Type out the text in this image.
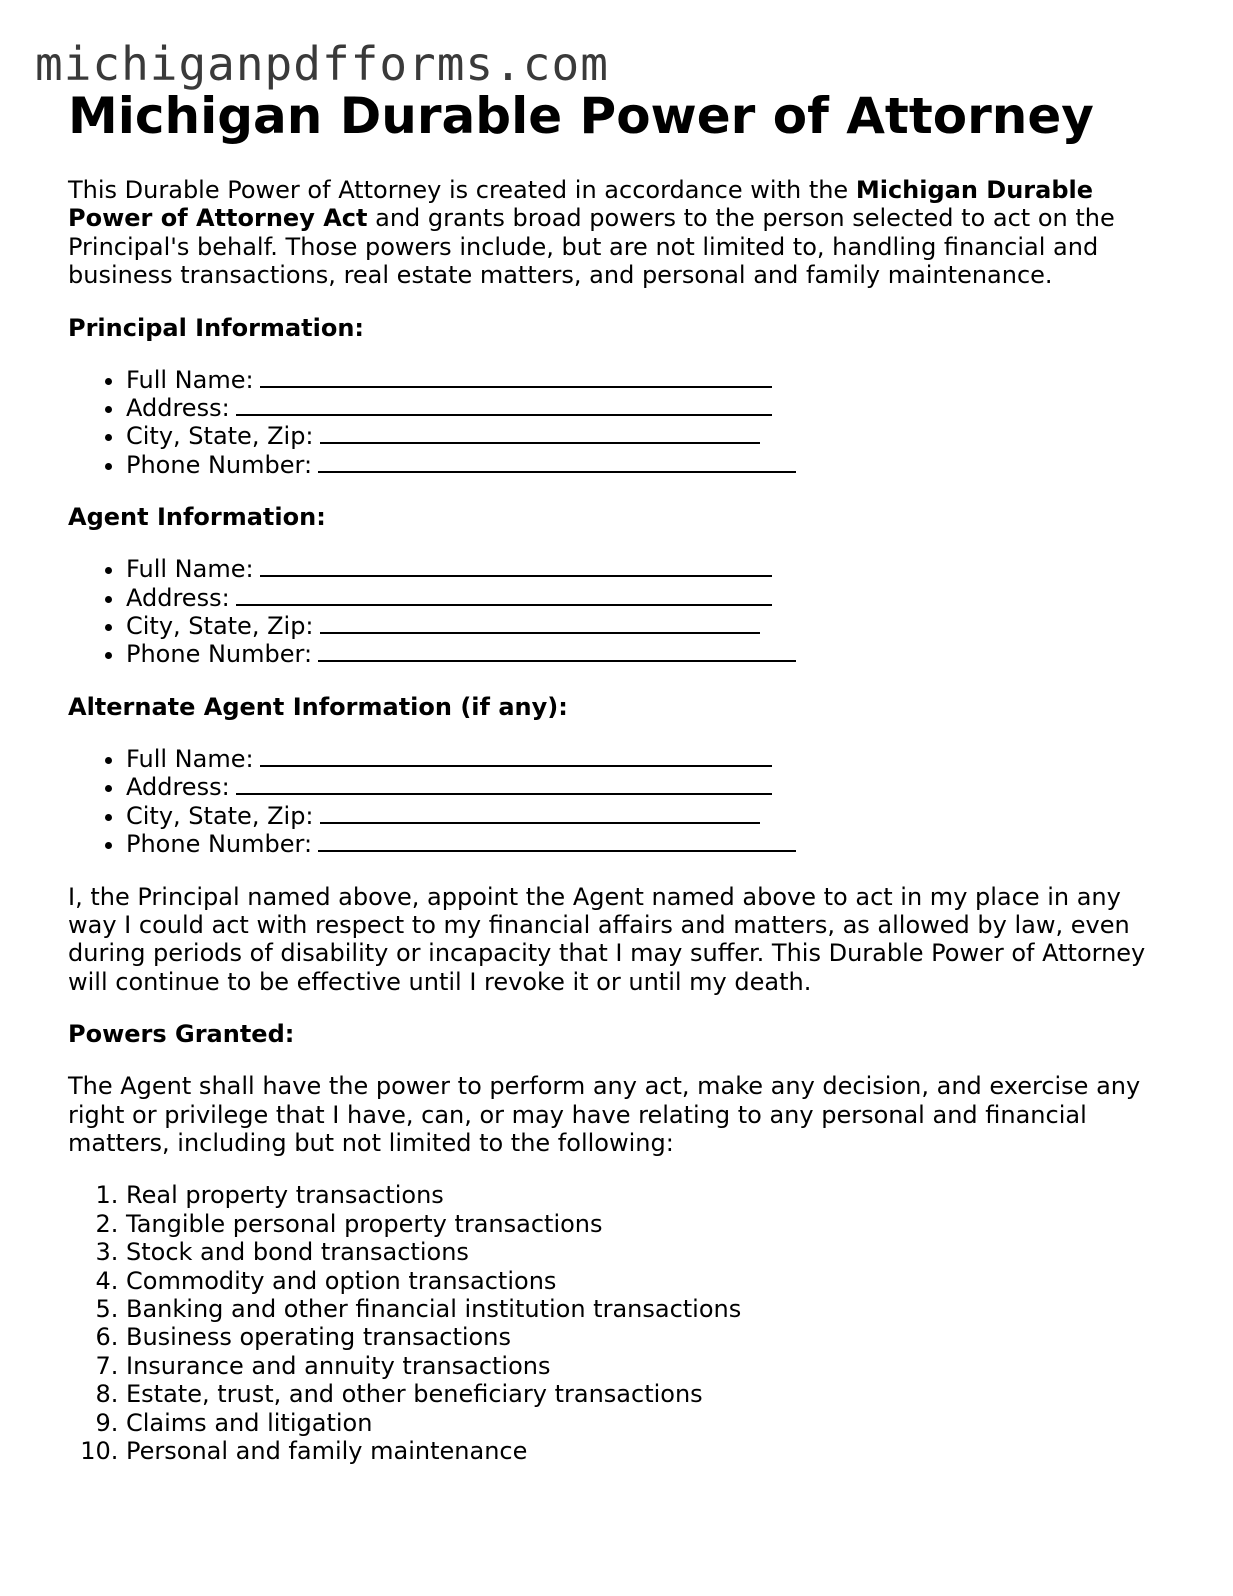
michiganpdfforms.com
Michigan Durable Power of Attorney

This Durable Power of Attorney is created in accordance with the Michigan Durable Power of Attorney Act and grants broad powers to the person selected to act on the Principal's behalf. Those powers include, but are not limited to, handling financial and business transactions, real estate matters, and personal and family maintenance.

Principal Information:
• Full Name:
• Address:
• City, State, Zip:
• Phone Number:
Agent Information:
• Full Name:
• Address:
• City, State, Zip:
• Phone Number:
Alternate Agent Information (if any):
• Full Name:
• Address:
• City, State, Zip:
• Phone Number:

I, the Principal named above, appoint the Agent named above to act in my place in any way I could act with respect to my financial affairs and matters, as allowed by law, even during periods of disability or incapacity that I may suffer. This Durable Power of Attorney will continue to be effective until I revoke it or until my death.

Powers Granted:

The Agent shall have the power to perform any act, make any decision, and exercise any right or privilege that I have, can, or may have relating to any personal and financial matters, including but not limited to the following:

1. Real property transactions
2. Tangible personal property transactions
3. Stock and bond transactions
4. Commodity and option transactions
5. Banking and other financial institution transactions
6. Business operating transactions
7. Insurance and annuity transactions
8. Estate, trust, and other beneficiary transactions
9. Claims and litigation
10. Personal and family maintenance
